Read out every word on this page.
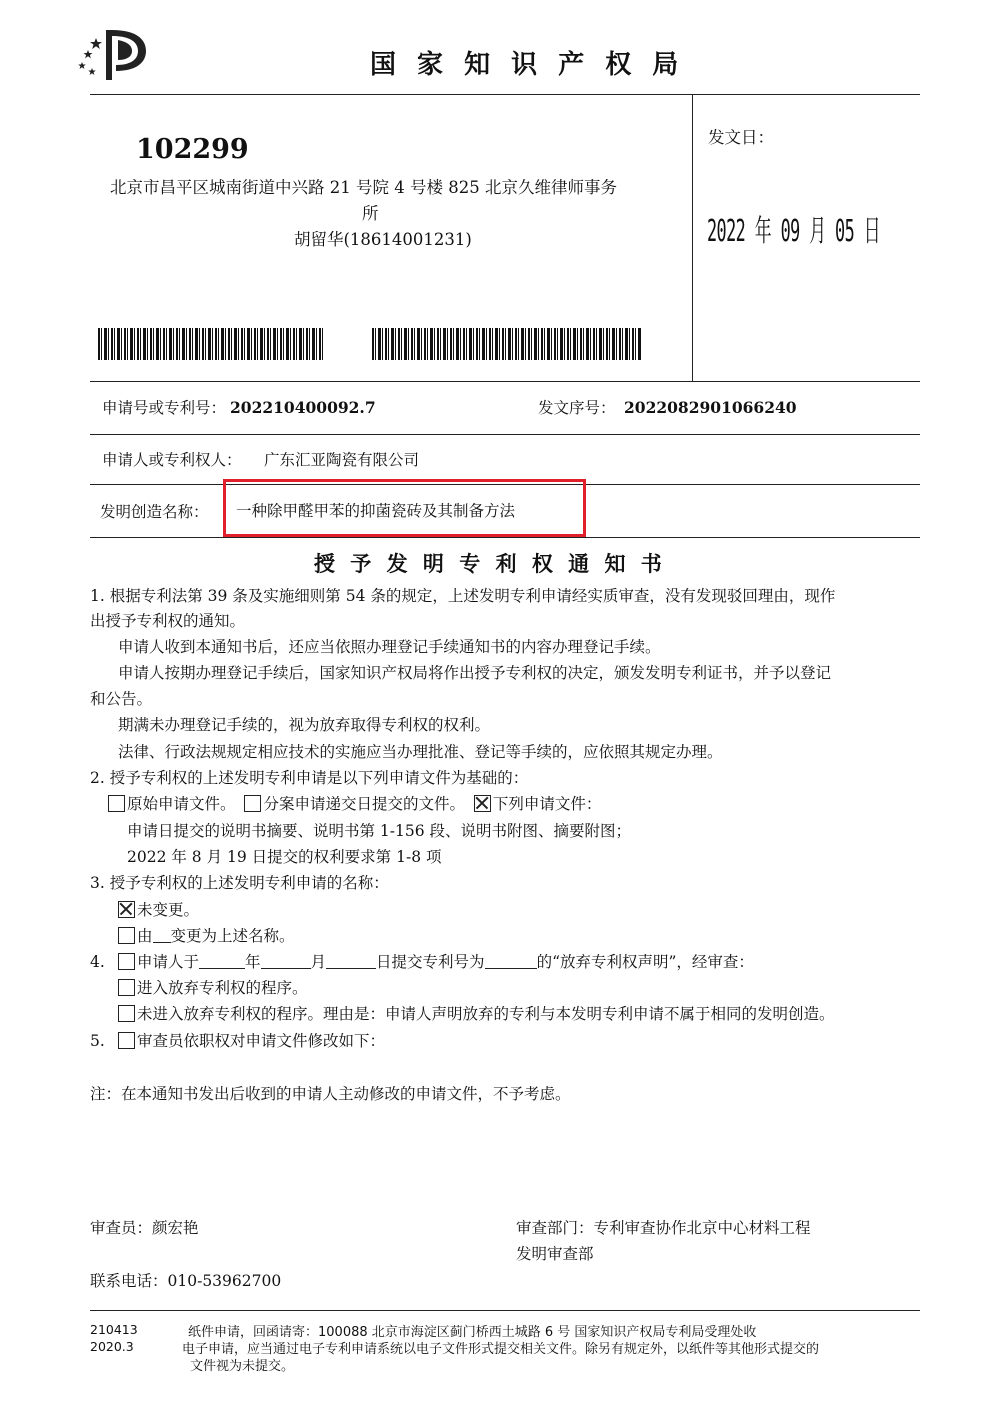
国 家 知 识 产 权 局
102299
北京市昌平区城南街道中兴路 21 号院 4 号楼 825 北京久维律师事务
所
胡留华(18614001231)
发文日：
2022 年 09 月 05 日
申请号或专利号： 202210400092.7	发文序号： 2022082901066240
申请人或专利权人： 广东汇亚陶瓷有限公司
发明创造名称： 一种除甲醛甲苯的抑菌瓷砖及其制备方法
授 予 发 明 专 利 权 通 知 书
1. 根据专利法第 39 条及实施细则第 54 条的规定，上述发明专利申请经实质审查，没有发现驳回理由，现作
出授予专利权的通知。
申请人收到本通知书后，还应当依照办理登记手续通知书的内容办理登记手续。
申请人按期办理登记手续后，国家知识产权局将作出授予专利权的决定，颁发发明专利证书，并予以登记
和公告。
期满未办理登记手续的，视为放弃取得专利权的权利。
法律、行政法规规定相应技术的实施应当办理批准、登记等手续的，应依照其规定办理。
2. 授予专利权的上述发明专利申请是以下列申请文件为基础的：
原始申请文件。 分案申请递交日提交的文件。 下列申请文件：
申请日提交的说明书摘要、说明书第 1-156 段、说明书附图、摘要附图；
2022 年 8 月 19 日提交的权利要求第 1-8 项
3. 授予专利权的上述发明专利申请的名称：
未变更。
由 变更为上述名称。
4.	申请人于	年	月	日提交专利号为	的“放弃专利权声明”，经审查：
进入放弃专利权的程序。
未进入放弃专利权的程序。理由是：申请人声明放弃的专利与本发明专利申请不属于相同的发明创造。
5.	审查员依职权对申请文件修改如下：
注：在本通知书发出后收到的申请人主动修改的申请文件，不予考虑。
审查员：颜宏艳	审查部门：专利审查协作北京中心材料工程
发明审查部
联系电话：010-53962700
210413
2020.3
纸件申请，回函请寄：100088 北京市海淀区蓟门桥西土城路 6 号 国家知识产权局专利局受理处收
电子申请，应当通过电子专利申请系统以电子文件形式提交相关文件。除另有规定外，以纸件等其他形式提交的
文件视为未提交。
